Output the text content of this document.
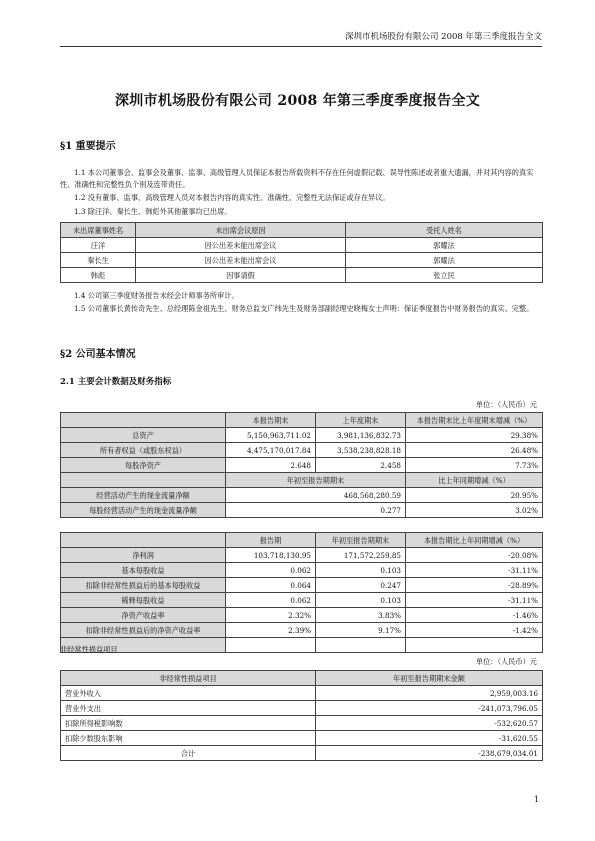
深圳市机场股份有限公司 2008 年第三季度报告全文
深圳市机场股份有限公司 2008 年第三季度季度报告全文
§1 重要提示
1.1 本公司董事会、监事会及董事、监事、高级管理人员保证本报告所载资料不存在任何虚假记载、误导性陈述或者重大遗漏，并对其内容的真实性、准确性和完整性负个别及连带责任。
1.2 没有董事、监事、高级管理人员对本报告内容的真实性、准确性、完整性无法保证或存在异议。
1.3 除汪洋、秦长生、韩彪外其他董事均已出席。
未出席董事姓名	未出席会议原因	受托人姓名
汪洋	因公出差未能出席会议	郭耀法
秦长生	因公出差未能出席会议	郭耀法
韩彪	因事请假	张立民
1.4 公司第三季度财务报告未经会计师事务所审计。
1.5 公司董事长黄传奇先生、总经理陈金祖先生、财务总监支广纬先生及财务部副经理史晓梅女士声明：保证季度报告中财务报告的真实、完整。
§2 公司基本情况
2.1 主要会计数据及财务指标
单位：（人民币）元
	本报告期末	上年度期末	本报告期末比上年度期末增减（%）
总资产	5,150,963,711.02	3,981,136,832.73	29.38%
所有者权益（或股东权益）	4,475,170,017.84	3,538,238,828.18	26.48%
每股净资产	2.648	2.458	7.73%
	年初至报告期期末	比上年同期增减（%）
经营活动产生的现金流量净额	468,568,280.59	20.95%
每股经营活动产生的现金流量净额	0.277	3.02%
	报告期	年初至报告期期末	本报告期比上年同期增减（%）
净利润	103,718,130.95	171,572,259.85	-20.08%
基本每股收益	0.062	0.103	-31.11%
扣除非经常性损益后的基本每股收益	0.064	0.247	-28.89%
稀释每股收益	0.062	0.103	-31.11%
净资产收益率	2.32%	3.83%	-1.46%
扣除非经常性损益后的净资产收益率	2.39%	9.17%	-1.42%

非经常性损益项目
单位：（人民币）元
非经常性损益项目	年初至报告期期末金额
营业外收入	2,959,003.16
营业外支出	-241,073,796.05
扣除所得税影响数	-532,620.57
扣除少数股东影响	-31,620.55
合计	-238,679,034.01
1
